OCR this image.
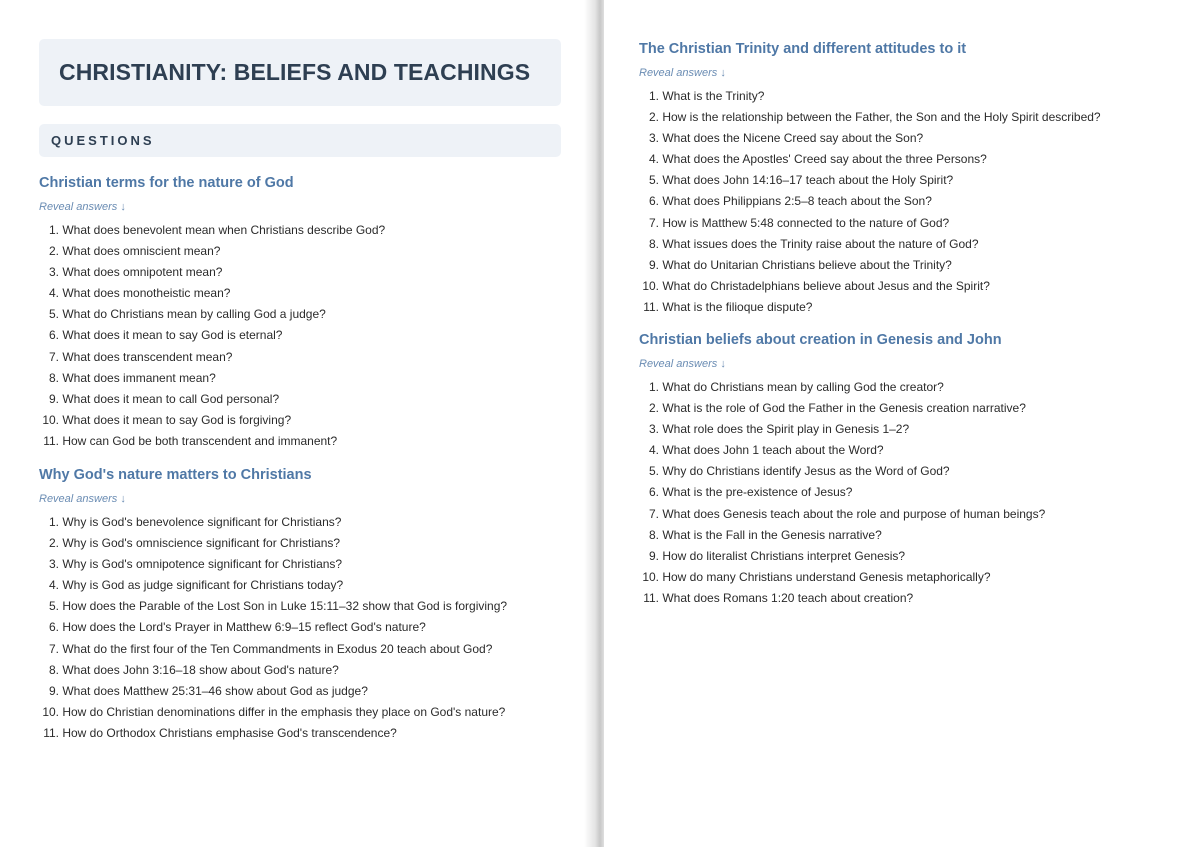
CHRISTIANITY: BELIEFS AND TEACHINGS
QUESTIONS
Christian terms for the nature of God
Reveal answers ↓
1.
What does benevolent mean when Christians describe God?
2.
What does omniscient mean?
3.
What does omnipotent mean?
4.
What does monotheistic mean?
5.
What do Christians mean by calling God a judge?
6.
What does it mean to say God is eternal?
7.
What does transcendent mean?
8.
What does immanent mean?
9.
What does it mean to call God personal?
10.
What does it mean to say God is forgiving?
11.
How can God be both transcendent and immanent?
Why God's nature matters to Christians
Reveal answers ↓
1.
Why is God's benevolence significant for Christians?
2.
Why is God's omniscience significant for Christians?
3.
Why is God's omnipotence significant for Christians?
4.
Why is God as judge significant for Christians today?
5.
How does the Parable of the Lost Son in Luke 15:11–32 show that God is forgiving?
6.
How does the Lord's Prayer in Matthew 6:9–15 reflect God's nature?
7.
What do the first four of the Ten Commandments in Exodus 20 teach about God?
8.
What does John 3:16–18 show about God's nature?
9.
What does Matthew 25:31–46 show about God as judge?
10.
How do Christian denominations differ in the emphasis they place on God's nature?
11.
How do Orthodox Christians emphasise God's transcendence?
The Christian Trinity and different attitudes to it
Reveal answers ↓
1.
What is the Trinity?
2.
How is the relationship between the Father, the Son and the Holy Spirit described?
3.
What does the Nicene Creed say about the Son?
4.
What does the Apostles' Creed say about the three Persons?
5.
What does John 14:16–17 teach about the Holy Spirit?
6.
What does Philippians 2:5–8 teach about the Son?
7.
How is Matthew 5:48 connected to the nature of God?
8.
What issues does the Trinity raise about the nature of God?
9.
What do Unitarian Christians believe about the Trinity?
10.
What do Christadelphians believe about Jesus and the Spirit?
11.
What is the filioque dispute?
Christian beliefs about creation in Genesis and John
Reveal answers ↓
1.
What do Christians mean by calling God the creator?
2.
What is the role of God the Father in the Genesis creation narrative?
3.
What role does the Spirit play in Genesis 1–2?
4.
What does John 1 teach about the Word?
5.
Why do Christians identify Jesus as the Word of God?
6.
What is the pre-existence of Jesus?
7.
What does Genesis teach about the role and purpose of human beings?
8.
What is the Fall in the Genesis narrative?
9.
How do literalist Christians interpret Genesis?
10.
How do many Christians understand Genesis metaphorically?
11.
What does Romans 1:20 teach about creation?
